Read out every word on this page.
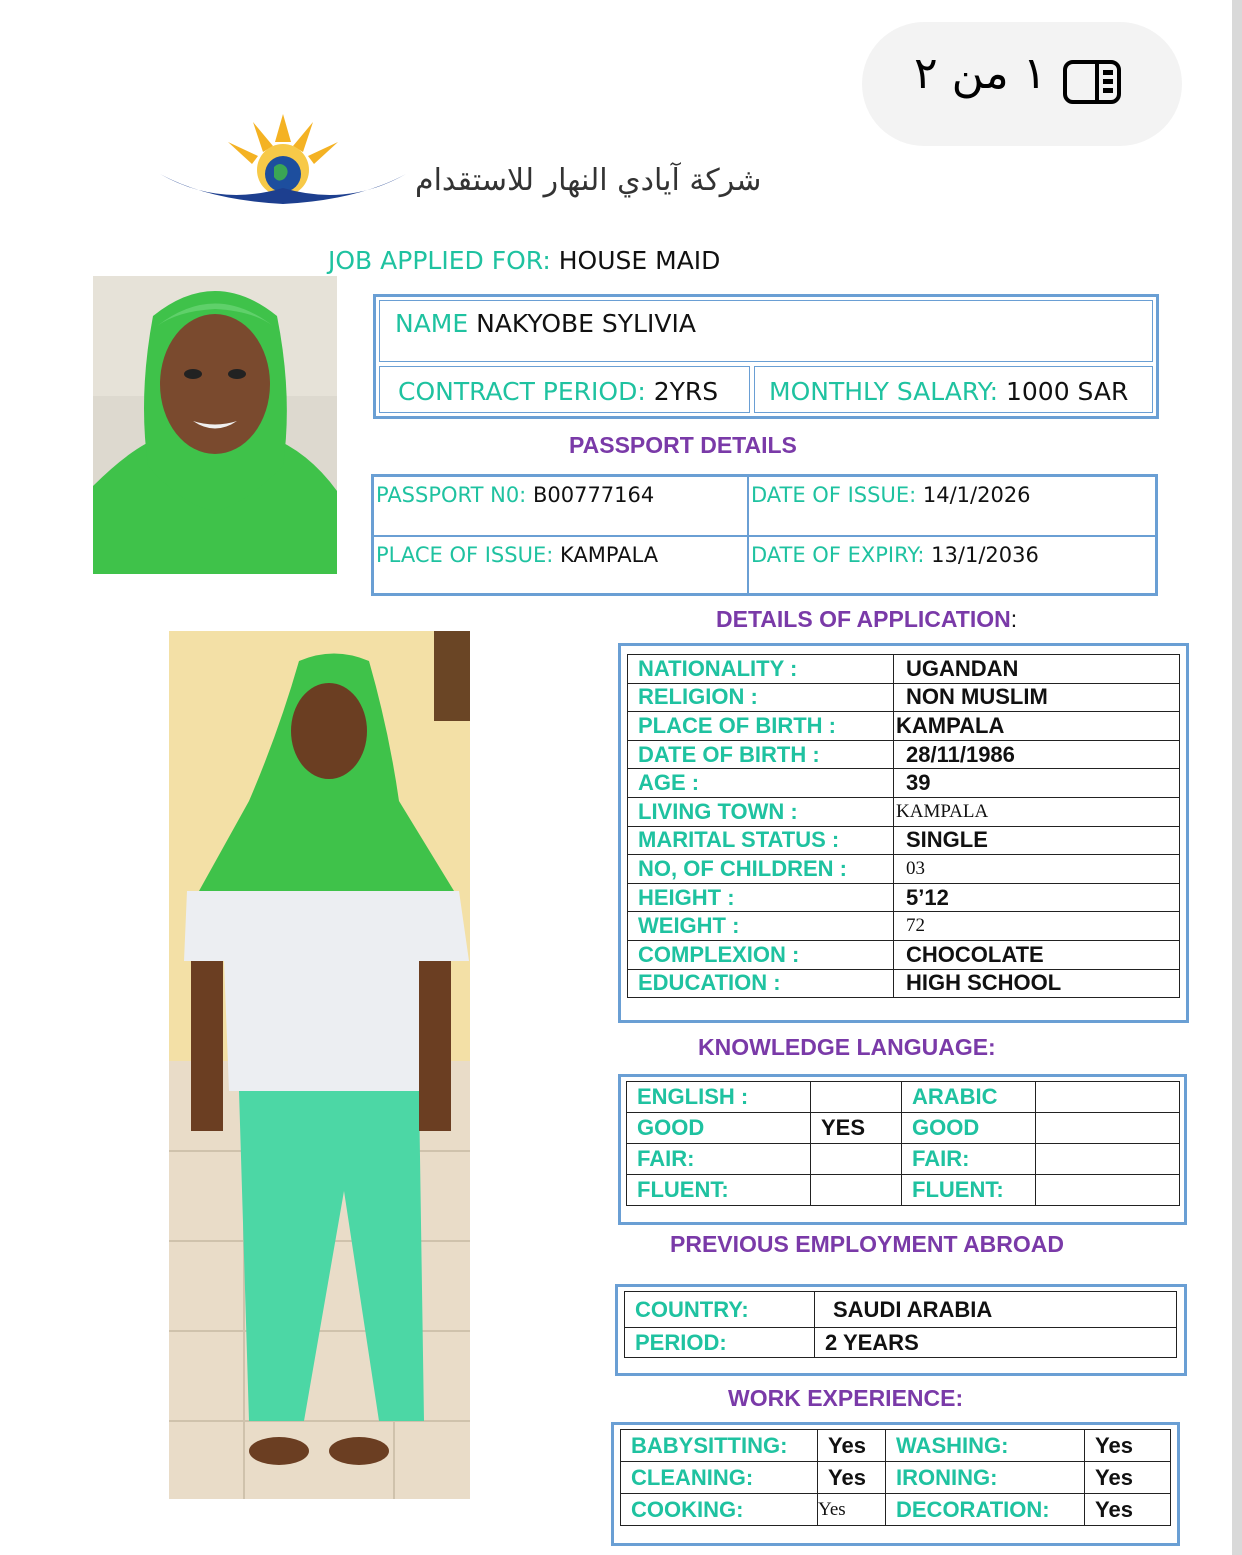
١ من ٢
شركة آيادي النهار للاستقدام
JOB APPLIED FOR: HOUSE MAID
NAME NAKYOBE SYLIVIA
CONTRACT PERIOD: 2YRS MONTHLY SALARY: 1000 SAR
PASSPORT DETAILS
PASSPORT N0: B00777164	DATE OF ISSUE: 14/1/2026
PLACE OF ISSUE: KAMPALA	DATE OF EXPIRY: 13/1/2036
DETAILS OF APPLICATION:
NATIONALITY :	UGANDAN
RELIGION :	NON MUSLIM
PLACE OF BIRTH :	KAMPALA
DATE OF BIRTH :	28/11/1986
AGE :	39
LIVING TOWN :	KAMPALA
MARITAL STATUS :	SINGLE
NO, OF CHILDREN :	03
HEIGHT :	5’12
WEIGHT :	72
COMPLEXION :	CHOCOLATE
EDUCATION :	HIGH SCHOOL
KNOWLEDGE LANGUAGE:
ENGLISH :		ARABIC	
GOOD	YES	GOOD	
FAIR:		FAIR:	
FLUENT:		FLUENT:	
PREVIOUS EMPLOYMENT ABROAD
COUNTRY:	SAUDI ARABIA
PERIOD:	2 YEARS
WORK EXPERIENCE:
BABYSITTING:	Yes	WASHING:	Yes
CLEANING:	Yes	IRONING:	Yes
COOKING:	Yes	DECORATION:	Yes
